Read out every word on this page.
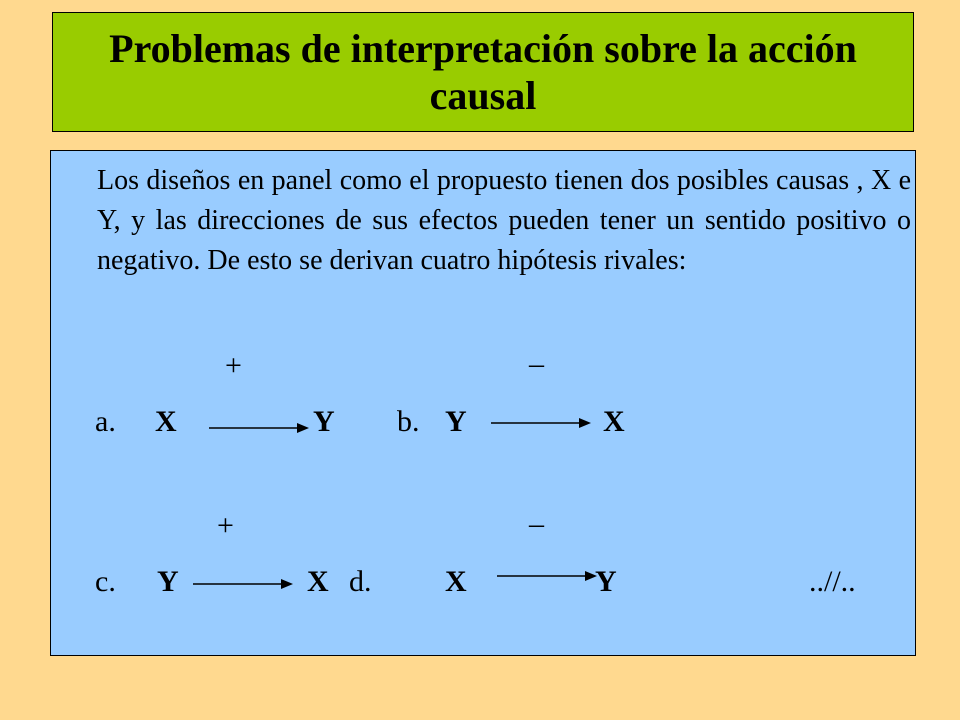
Problemas de interpretación sobre la acción causal
Los diseños en panel como el propuesto tienen dos posibles causas , X e Y, y las direcciones de sus efectos pueden tener un sentido positivo o negativo. De esto se derivan cuatro hipótesis rivales:
+	–
a. X	Y b. Y	X
+	–
c. Y	X d. X	Y	..//..
